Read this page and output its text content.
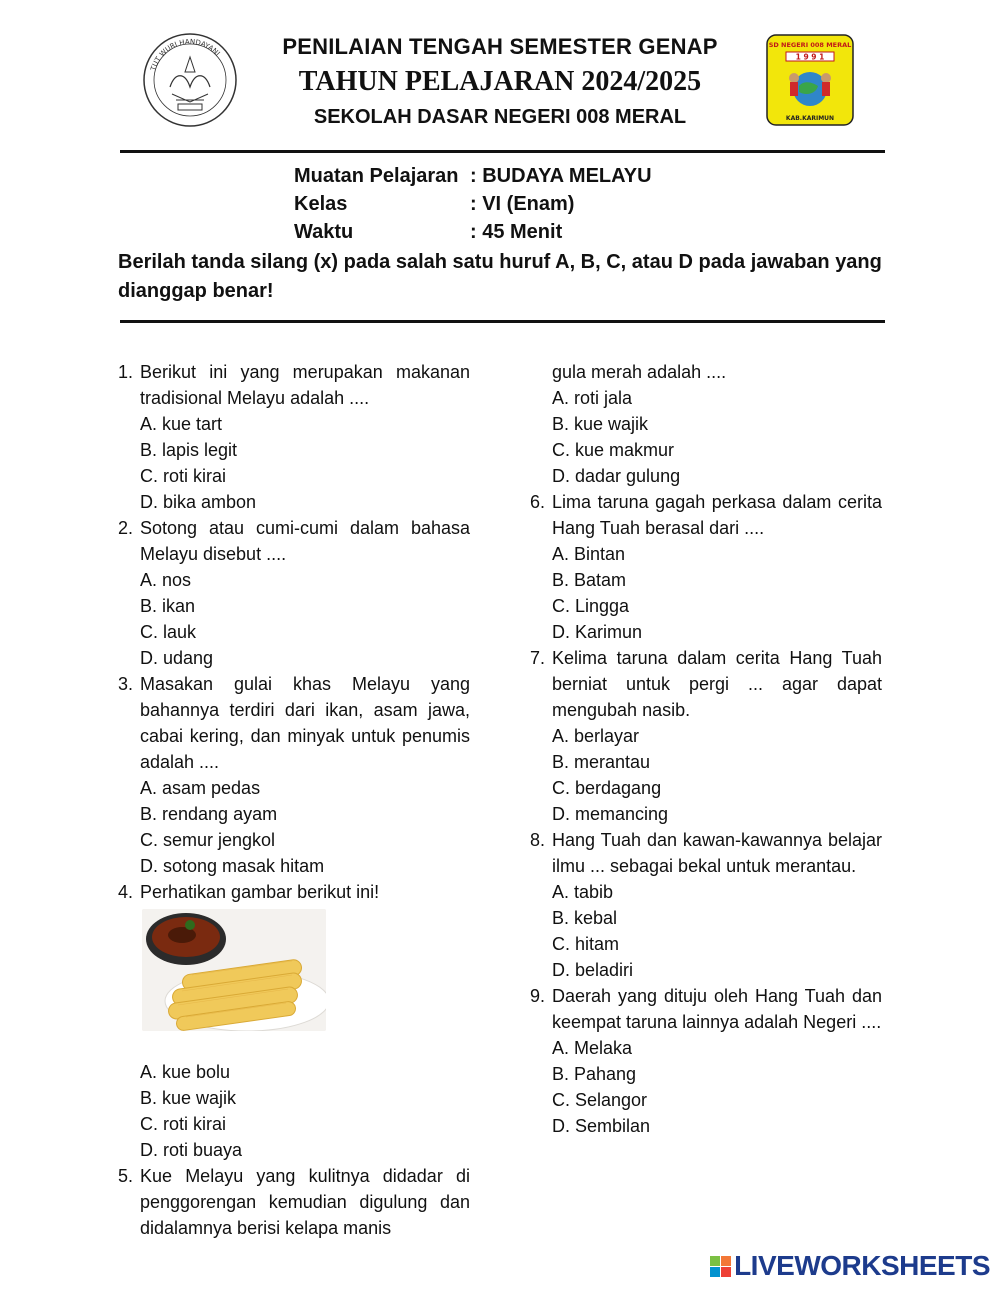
TUT WURI HANDAYANI
SD NEGERI 008 MERAL
1 9 9 1
KAB.KARIMUN
PENILAIAN TENGAH SEMESTER GENAP
TAHUN PELAJARAN 2024/2025
SEKOLAH DASAR NEGERI 008 MERAL
Muatan Pelajaran : BUDAYA MELAYU
Kelas	: VI (Enam)
Waktu	: 45 Menit
Berilah tanda silang (x) pada salah satu huruf A, B, C, atau D pada jawaban yang dianggap benar!
1. Berikut ini yang merupakan makanan tradisional Melayu adalah ....
A. kue tart
B. lapis legit
C. roti kirai
D. bika ambon
2. Sotong atau cumi-cumi dalam bahasa Melayu disebut ....
A. nos
B. ikan
C. lauk
D. udang
3. Masakan gulai khas Melayu yang bahannya terdiri dari ikan, asam jawa, cabai kering, dan minyak untuk penumis adalah ....
A. asam pedas
B. rendang ayam
C. semur jengkol
D. sotong masak hitam
4. Perhatikan gambar berikut ini!
A. kue bolu
B. kue wajik
C. roti kirai
D. roti buaya
5. Kue Melayu yang kulitnya didadar di penggorengan kemudian digulung dan didalamnya berisi kelapa manis
gula merah adalah ....
A. roti jala
B. kue wajik
C. kue makmur
D. dadar gulung
6. Lima taruna gagah perkasa dalam cerita Hang Tuah berasal dari ....
A. Bintan
B. Batam
C. Lingga
D. Karimun
7. Kelima taruna dalam cerita Hang Tuah berniat untuk pergi ... agar dapat mengubah nasib.
A. berlayar
B. merantau
C. berdagang
D. memancing
8. Hang Tuah dan kawan-kawannya belajar ilmu ... sebagai bekal untuk merantau.
A. tabib
B. kebal
C. hitam
D. beladiri
9. Daerah yang dituju oleh Hang Tuah dan keempat taruna lainnya adalah Negeri ....
A. Melaka
B. Pahang
C. Selangor
D. Sembilan
LIVEWORKSHEETS
